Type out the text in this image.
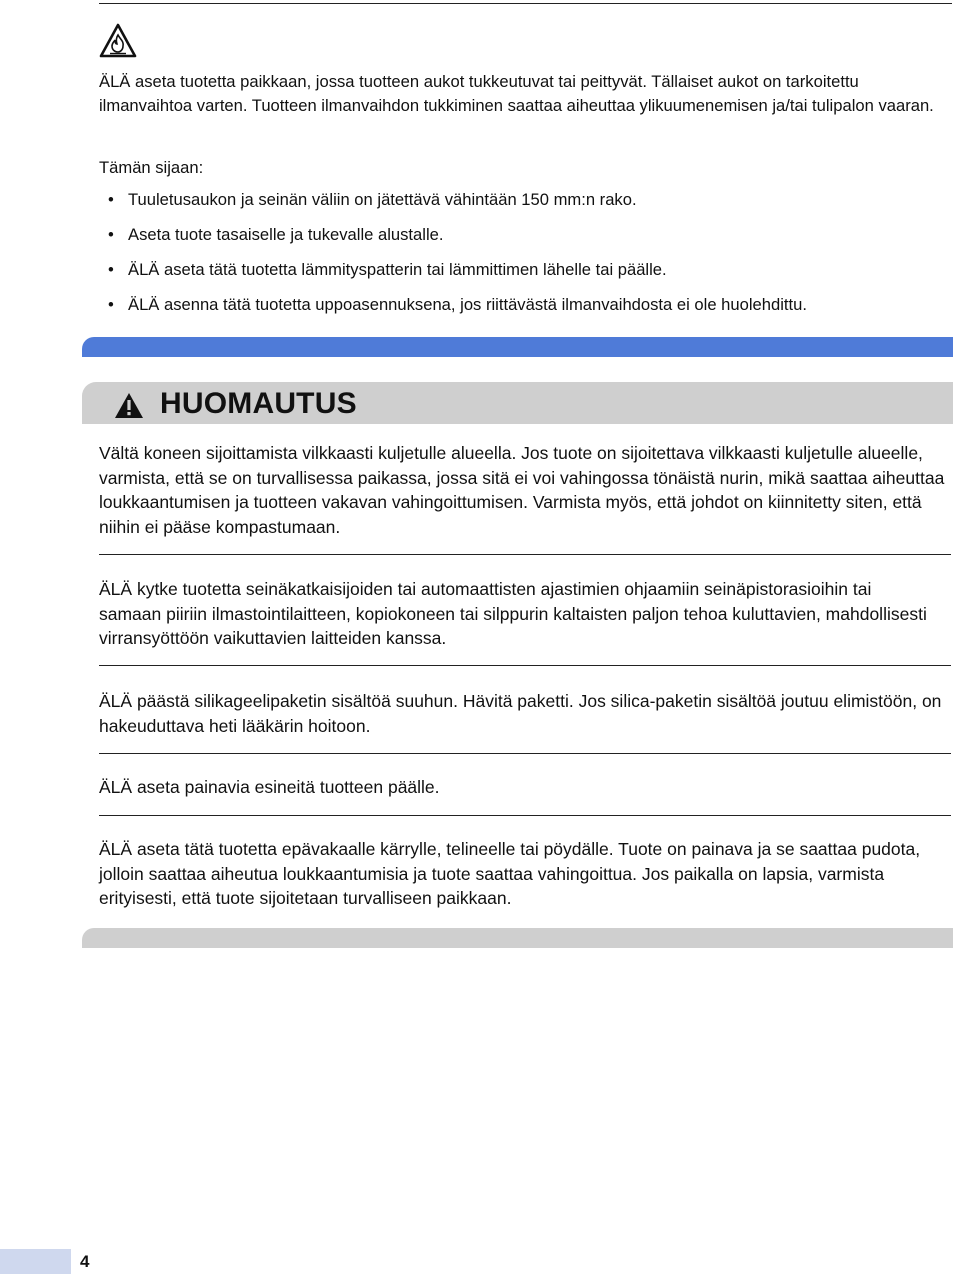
ÄLÄ aseta tuotetta paikkaan, jossa tuotteen aukot tukkeutuvat tai peittyvät. Tällaiset aukot on tarkoitettu ilmanvaihtoa varten. Tuotteen ilmanvaihdon tukkiminen saattaa aiheuttaa ylikuumenemisen ja/tai tulipalon vaaran.

Tämän sijaan:

• Tuuletusaukon ja seinän väliin on jätettävä vähintään 150 mm:n rako.
• Aseta tuote tasaiselle ja tukevalle alustalle.
• ÄLÄ aseta tätä tuotetta lämmityspatterin tai lämmittimen lähelle tai päälle.
• ÄLÄ asenna tätä tuotetta uppoasennuksena, jos riittävästä ilmanvaihdosta ei ole huolehdittu.
HUOMAUTUS

Vältä koneen sijoittamista vilkkaasti kuljetulle alueella. Jos tuote on sijoitettava vilkkaasti kuljetulle alueelle, varmista, että se on turvallisessa paikassa, jossa sitä ei voi vahingossa tönäistä nurin, mikä saattaa aiheuttaa loukkaantumisen ja tuotteen vakavan vahingoittumisen. Varmista myös, että johdot on kiinnitetty siten, että niihin ei pääse kompastumaan.

ÄLÄ kytke tuotetta seinäkatkaisijoiden tai automaattisten ajastimien ohjaamiin seinäpistorasioihin tai samaan piiriin ilmastointilaitteen, kopiokoneen tai silppurin kaltaisten paljon tehoa kuluttavien, mahdollisesti virransyöttöön vaikuttavien laitteiden kanssa.

ÄLÄ päästä silikageelipaketin sisältöä suuhun. Hävitä paketti. Jos silica-paketin sisältöä joutuu elimistöön, on hakeuduttava heti lääkärin hoitoon.

ÄLÄ aseta painavia esineitä tuotteen päälle.

ÄLÄ aseta tätä tuotetta epävakaalle kärrylle, telineelle tai pöydälle. Tuote on painava ja se saattaa pudota, jolloin saattaa aiheutua loukkaantumisia ja tuote saattaa vahingoittua. Jos paikalla on lapsia, varmista erityisesti, että tuote sijoitetaan turvalliseen paikkaan.

4
